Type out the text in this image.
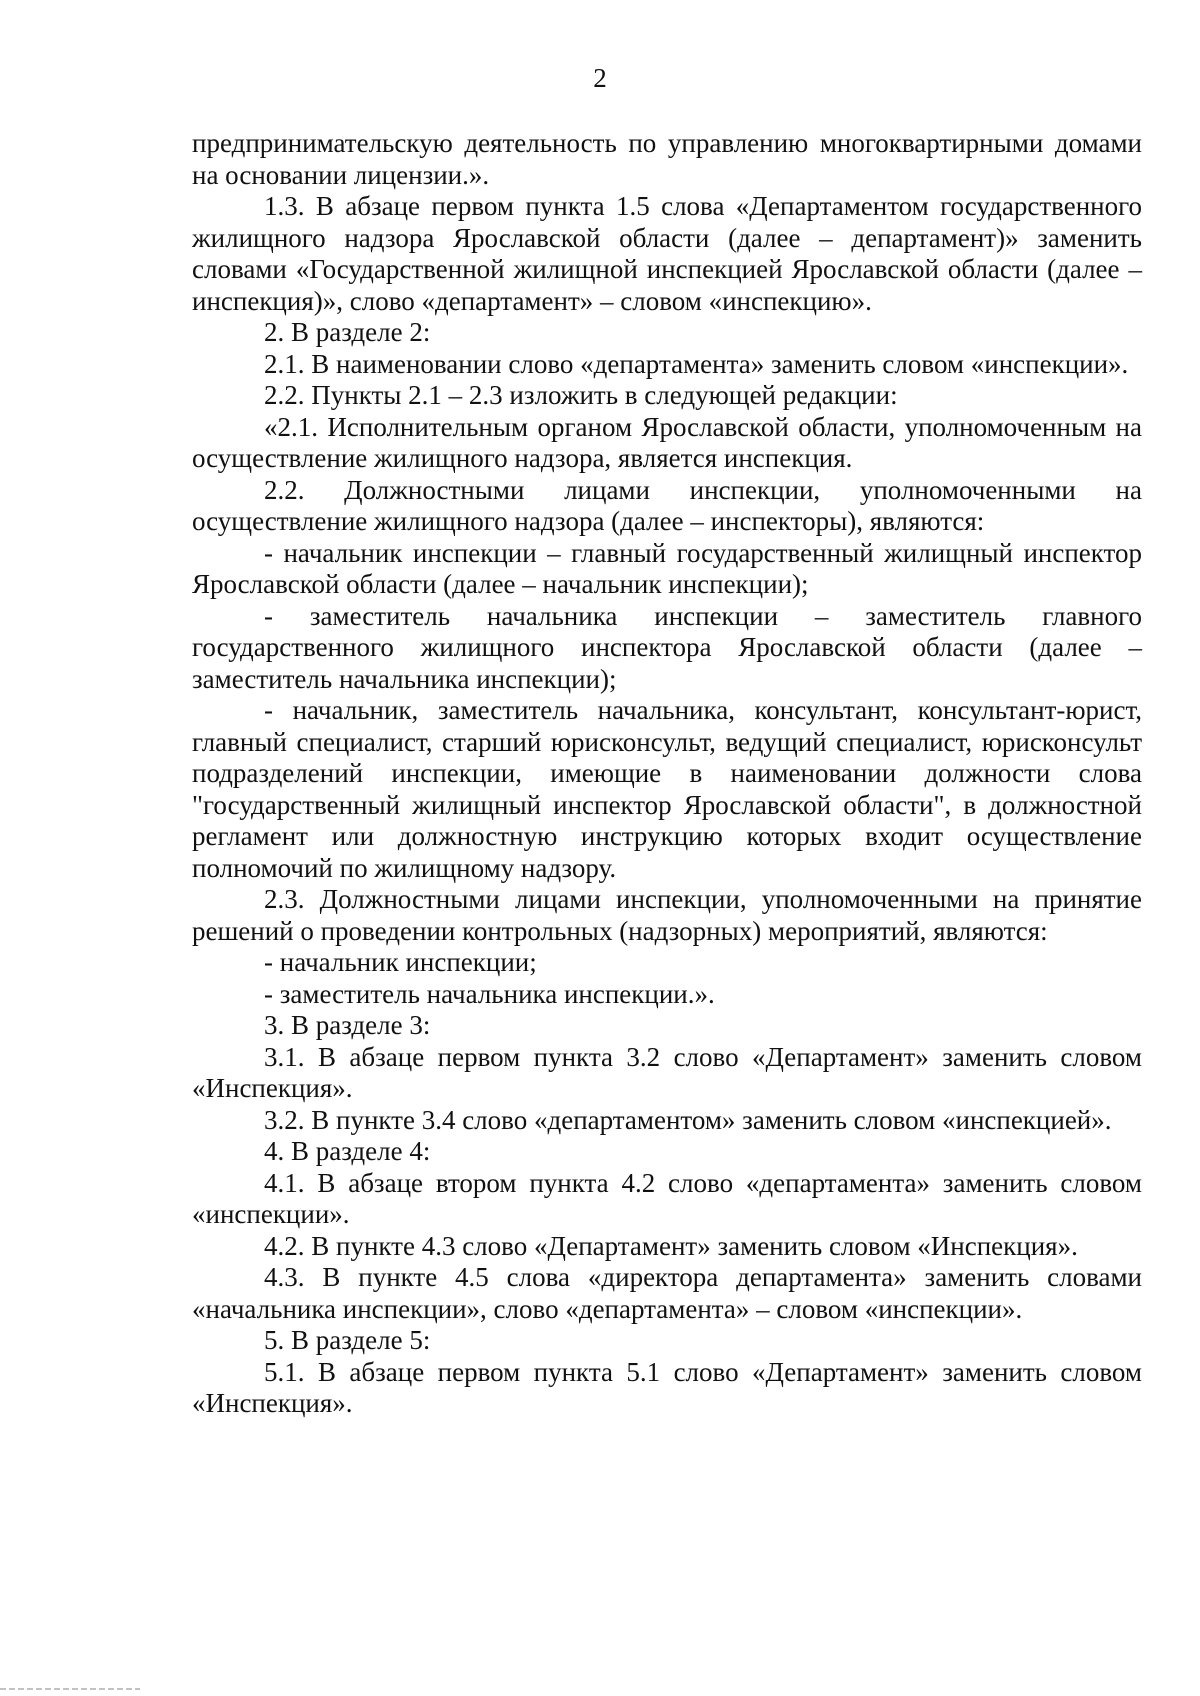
2

предпринимательскую деятельность по управлению многоквартирными домами на основании лицензии.».

1.3. В абзаце первом пункта 1.5 слова «Департаментом государственного жилищного надзора Ярославской области (далее – департамент)» заменить словами «Государственной жилищной инспекцией Ярославской области (далее – инспекция)», слово «департамент» – словом «инспекцию».

2. В разделе 2:

2.1. В наименовании слово «департамента» заменить словом «инспекции».

2.2. Пункты 2.1 – 2.3 изложить в следующей редакции:

«2.1. Исполнительным органом Ярославской области, уполномоченным на осуществление жилищного надзора, является инспекция.

2.2. Должностными лицами инспекции, уполномоченными на осуществление жилищного надзора (далее – инспекторы), являются:

- начальник инспекции – главный государственный жилищный инспектор Ярославской области (далее – начальник инспекции);

- заместитель начальника инспекции – заместитель главного государственного жилищного инспектора Ярославской области (далее – заместитель начальника инспекции);

- начальник, заместитель начальника, консультант, консультант-юрист, главный специалист, старший юрисконсульт, ведущий специалист, юрисконсульт подразделений инспекции, имеющие в наименовании должности слова "государственный жилищный инспектор Ярославской области", в должностной регламент или должностную инструкцию которых входит осуществление полномочий по жилищному надзору.

2.3. Должностными лицами инспекции, уполномоченными на принятие решений о проведении контрольных (надзорных) мероприятий, являются:

- начальник инспекции;

- заместитель начальника инспекции.».

3. В разделе 3:

3.1. В абзаце первом пункта 3.2 слово «Департамент» заменить словом «Инспекция».

3.2. В пункте 3.4 слово «департаментом» заменить словом «инспекцией».

4. В разделе 4:

4.1. В абзаце втором пункта 4.2 слово «департамента» заменить словом «инспекции».

4.2. В пункте 4.3 слово «Департамент» заменить словом «Инспекция».

4.3. В пункте 4.5 слова «директора департамента» заменить словами «начальника инспекции», слово «департамента» – словом «инспекции».

5. В разделе 5:

5.1. В абзаце первом пункта 5.1 слово «Департамент» заменить словом «Инспекция».
